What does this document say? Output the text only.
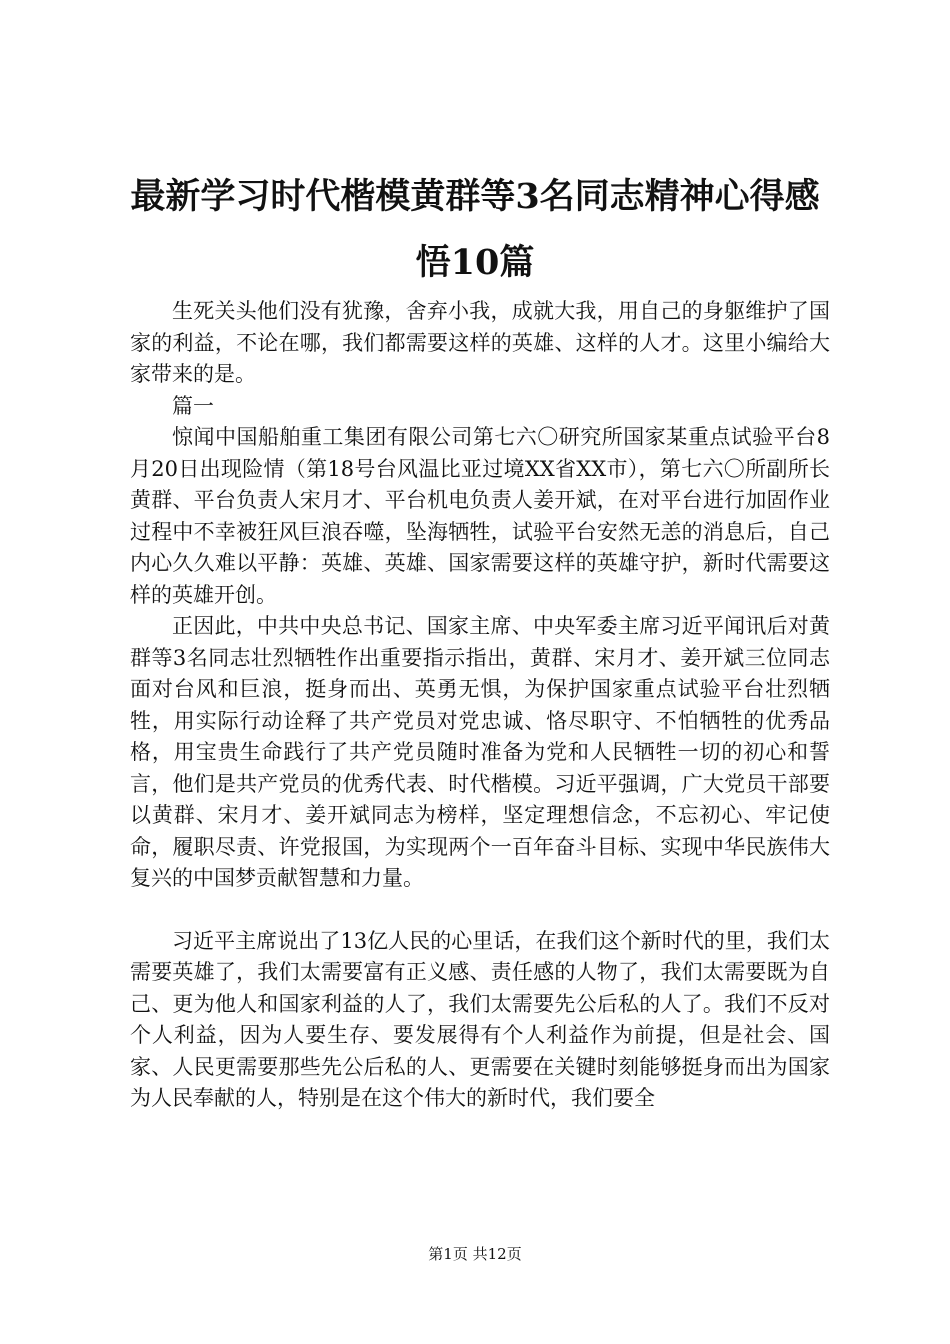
最新学习时代楷模黄群等3名同志精神心得感悟10篇

生死关头他们没有犹豫，舍弃小我，成就大我，用自己的身躯维护了国家的利益，不论在哪，我们都需要这样的英雄、这样的人才。这里小编给大家带来的是。

篇一

惊闻中国船舶重工集团有限公司第七六〇研究所国家某重点试验平台8月20日出现险情（第18号台风温比亚过境XX省XX市），第七六〇所副所长黄群、平台负责人宋月才、平台机电负责人姜开斌，在对平台进行加固作业过程中不幸被狂风巨浪吞噬，坠海牺牲，试验平台安然无恙的消息后，自己内心久久难以平静：英雄、英雄、国家需要这样的英雄守护，新时代需要这样的英雄开创。

正因此，中共中央总书记、国家主席、中央军委主席习近平闻讯后对黄群等3名同志壮烈牺牲作出重要指示指出，黄群、宋月才、姜开斌三位同志面对台风和巨浪，挺身而出、英勇无惧，为保护国家重点试验平台壮烈牺牲，用实际行动诠释了共产党员对党忠诚、恪尽职守、不怕牺牲的优秀品格，用宝贵生命践行了共产党员随时准备为党和人民牺牲一切的初心和誓言，他们是共产党员的优秀代表、时代楷模。习近平强调，广大党员干部要以黄群、宋月才、姜开斌同志为榜样，坚定理想信念，不忘初心、牢记使命，履职尽责、许党报国，为实现两个一百年奋斗目标、实现中华民族伟大复兴的中国梦贡献智慧和力量。

习近平主席说出了13亿人民的心里话，在我们这个新时代的里，我们太需要英雄了，我们太需要富有正义感、责任感的人物了，我们太需要既为自己、更为他人和国家利益的人了，我们太需要先公后私的人了。我们不反对个人利益，因为人要生存、要发展得有个人利益作为前提，但是社会、国家、人民更需要那些先公后私的人、更需要在关键时刻能够挺身而出为国家为人民奉献的人，特别是在这个伟大的新时代，我们要全

第1页 共12页
